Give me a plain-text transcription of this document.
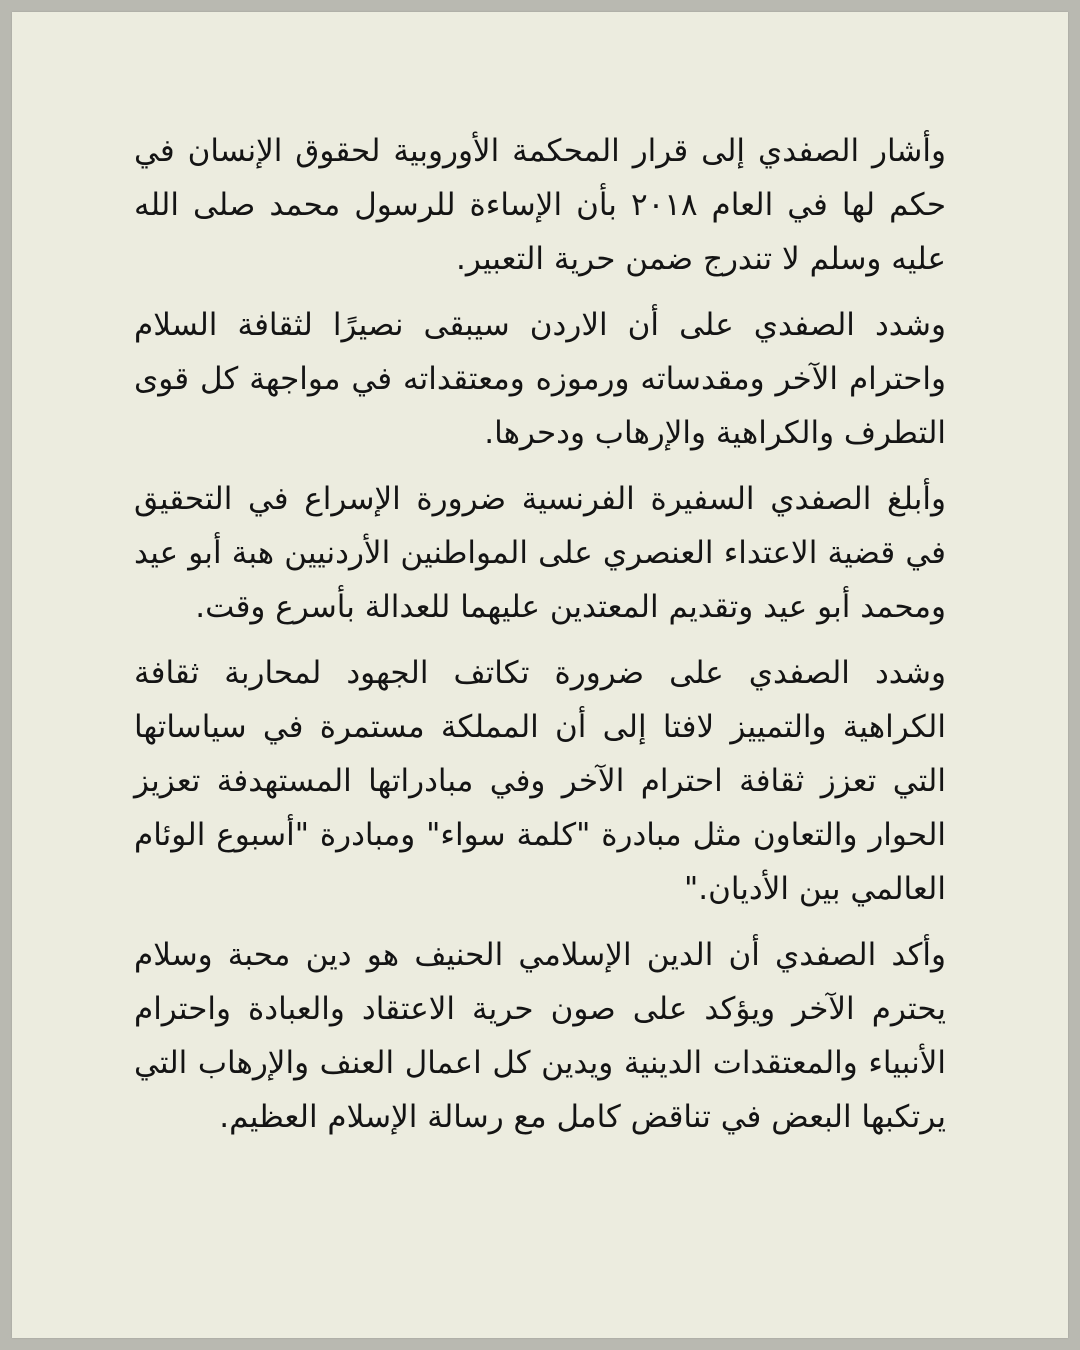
وأشار الصفدي إلى قرار المحكمة الأوروبية لحقوق الإنسان في حكم لها في العام ٢٠١٨ بأن الإساءة للرسول محمد صلى الله عليه وسلم لا تندرج ضمن حرية التعبير.

وشدد الصفدي على أن الاردن سيبقى نصيرًا لثقافة السلام واحترام الآخر ومقدساته ورموزه ومعتقداته في مواجهة كل قوى التطرف والكراهية والإرهاب ودحرها.

وأبلغ الصفدي السفيرة الفرنسية ضرورة الإسراع في التحقيق في قضية الاعتداء العنصري على المواطنين الأردنيين هبة أبو عيد ومحمد أبو عيد وتقديم المعتدين عليهما للعدالة بأسرع وقت.

وشدد الصفدي على ضرورة تكاتف الجهود لمحاربة ثقافة الكراهية والتمييز لافتا إلى أن المملكة مستمرة في سياساتها التي تعزز ثقافة احترام الآخر وفي مبادراتها المستهدفة تعزيز الحوار والتعاون مثل مبادرة "كلمة سواء" ومبادرة "أسبوع الوئام العالمي بين الأديان."

وأكد الصفدي أن الدين الإسلامي الحنيف هو دين محبة وسلام يحترم الآخر ويؤكد على صون حرية الاعتقاد والعبادة واحترام الأنبياء والمعتقدات الدينية ويدين كل اعمال العنف والإرهاب التي يرتكبها البعض في تناقض كامل مع رسالة الإسلام العظيم.
